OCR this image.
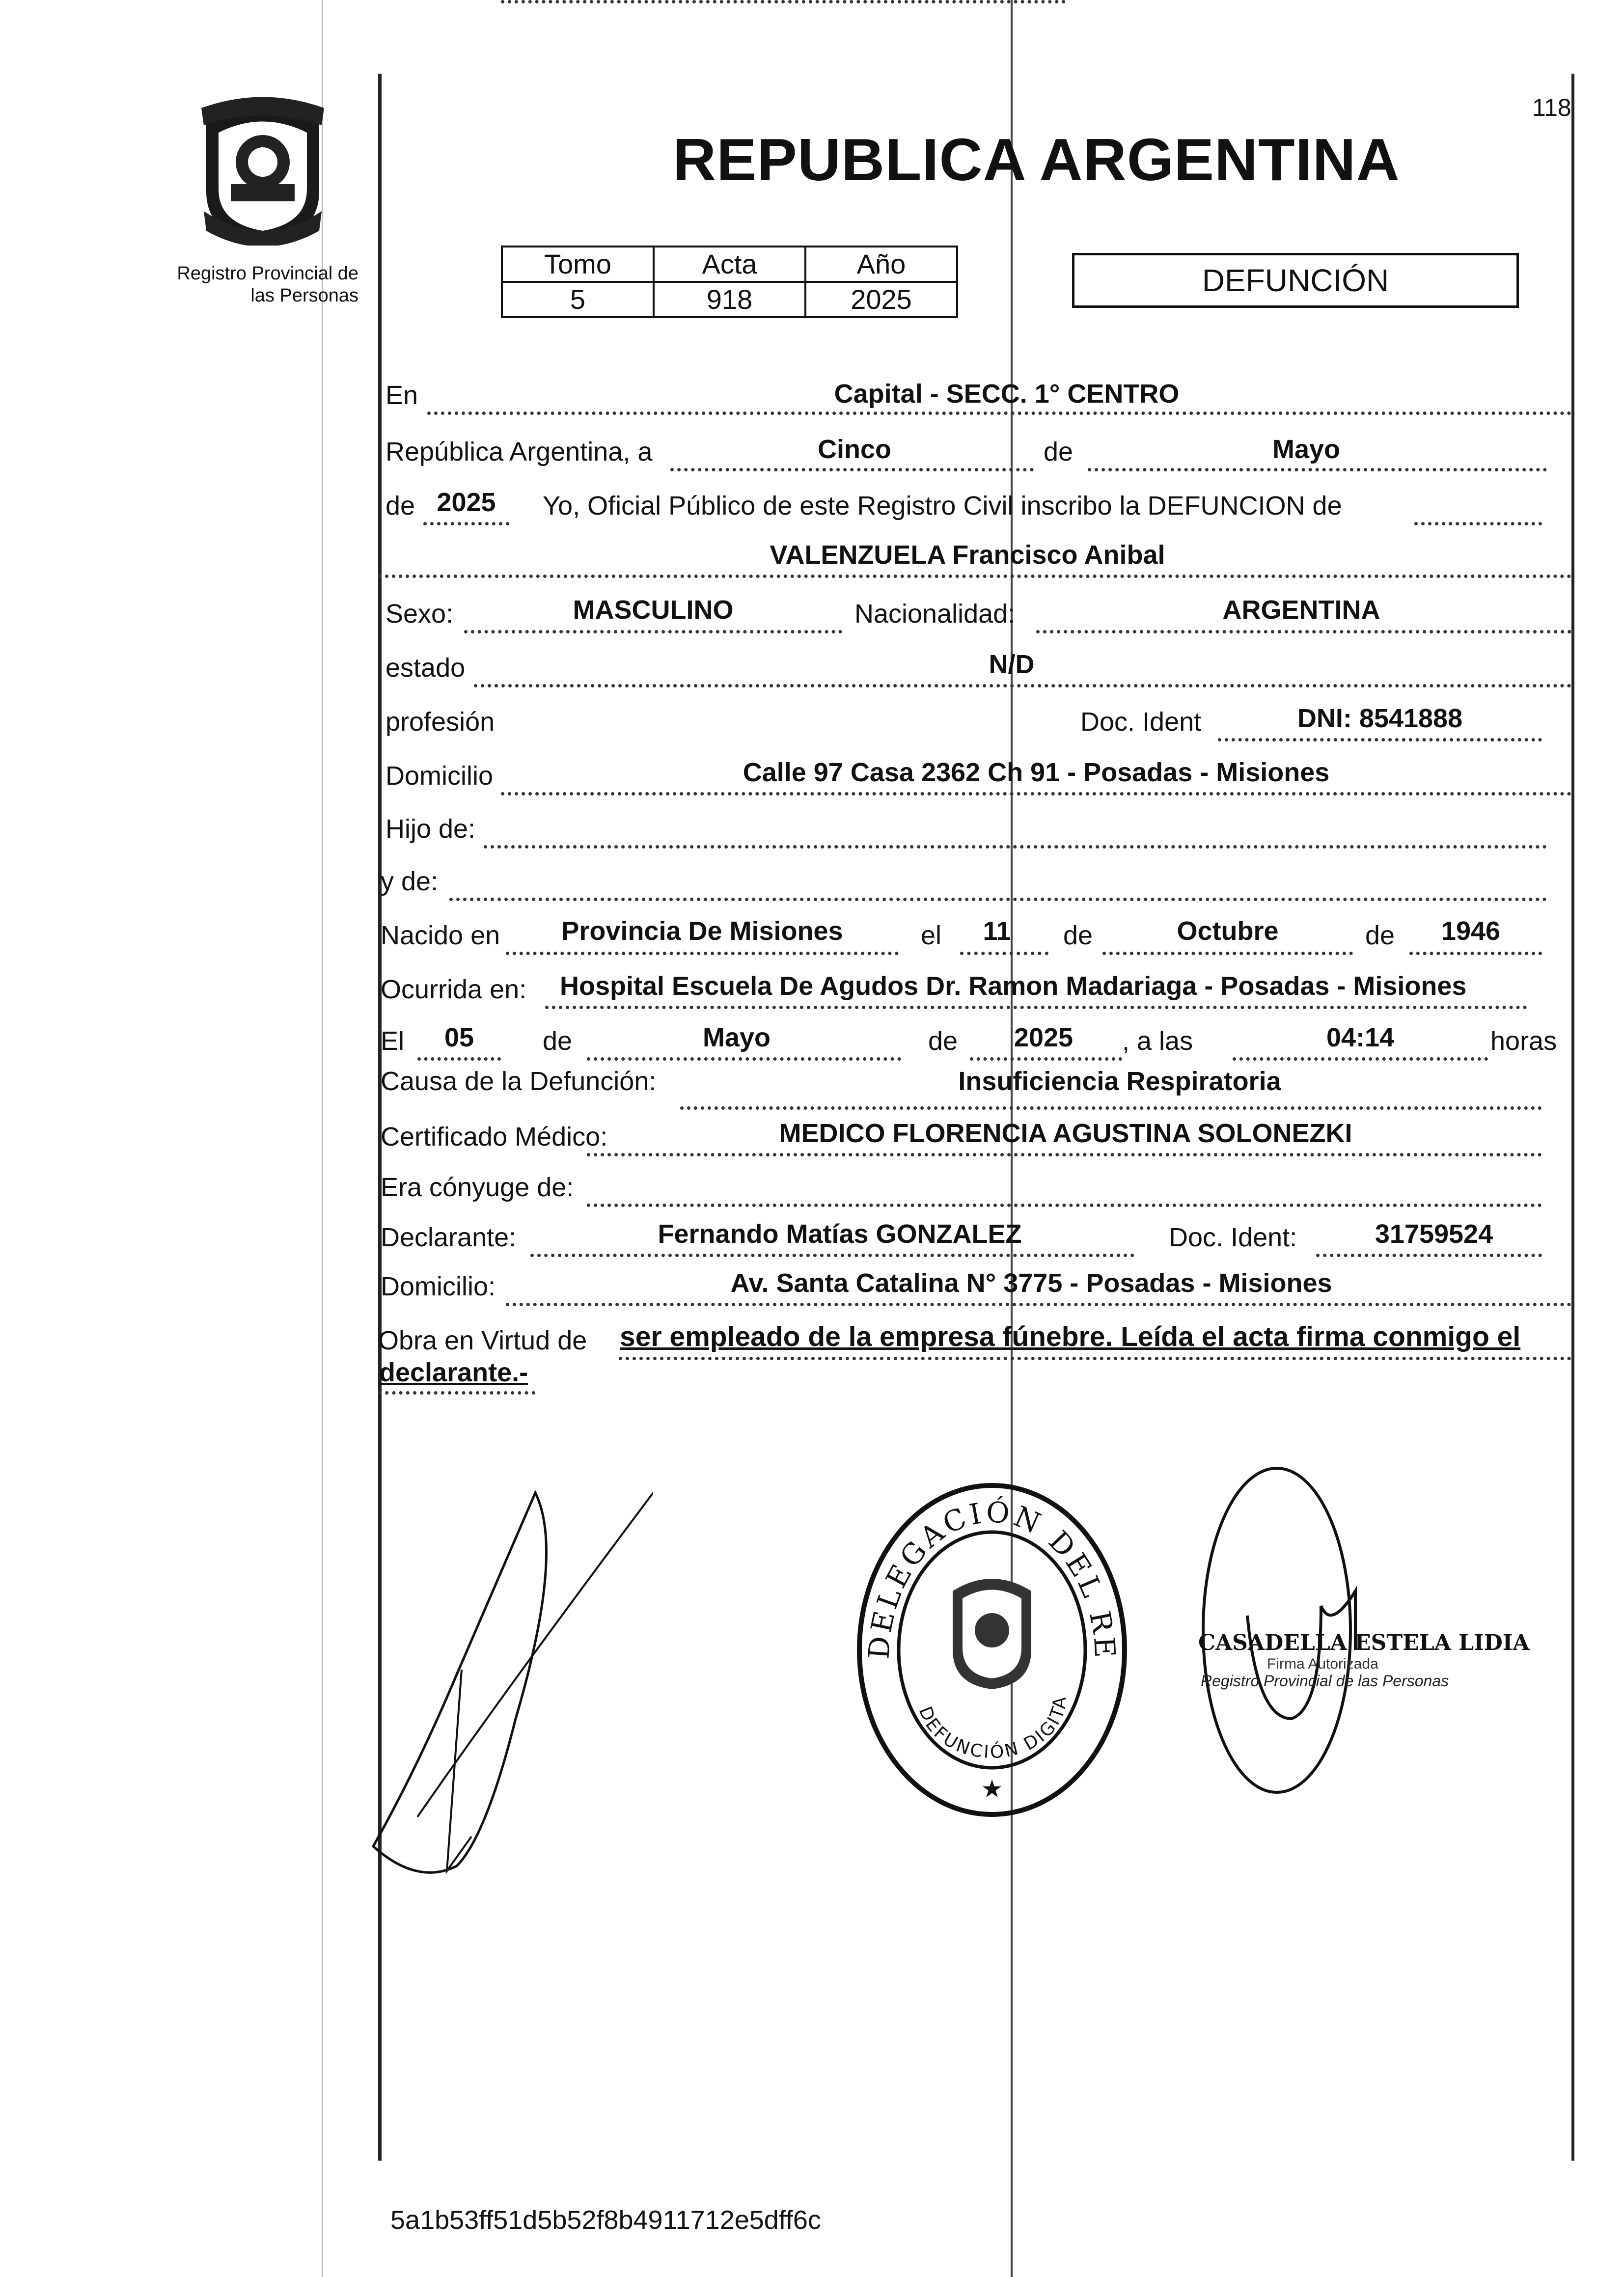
118
Registro Provincial de
las Personas
REPUBLICA ARGENTINA
Tomo	Acta	Año
5	918	2025
DEFUNCIÓN
En	Capital - SECC. 1° CENTRO
República Argentina, a	Cinco	de	Mayo
de 2025	Yo, Oficial Público de este Registro Civil inscribo la DEFUNCION de
VALENZUELA Francisco Anibal
Sexo:	MASCULINO	Nacionalidad:	ARGENTINA
estado	N/D
profesión	Doc. Ident	DNI: 8541888
Domicilio	Calle 97 Casa 2362 Ch 91 - Posadas - Misiones
Hijo de:
y de:
Nacido en	Provincia De Misiones	el	11	de	Octubre	de	1946
Ocurrida en: Hospital Escuela De Agudos Dr. Ramon Madariaga - Posadas - Misiones
El	05	de	Mayo	de	2025	, a las	04:14	horas
Causa de la Defunción:	Insuficiencia Respiratoria
Certificado Médico:	MEDICO FLORENCIA AGUSTINA SOLONEZKI
Era cónyuge de:
Declarante:	Fernando Matías GONZALEZ	Doc. Ident:	31759524
Domicilio:	Av. Santa Catalina N° 3775 - Posadas - Misiones
Obra en Virtud de ser empleado de la empresa fúnebre. Leída el acta firma conmigo el
declarante.-
DELEGACIÓN DEL RE
DEFUNCIÓN DIGITA
★
CASADELLA ESTELA LIDIA
Firma Autorizada
Registro Provincial de las Personas
5a1b53ff51d5b52f8b4911712e5dff6c
